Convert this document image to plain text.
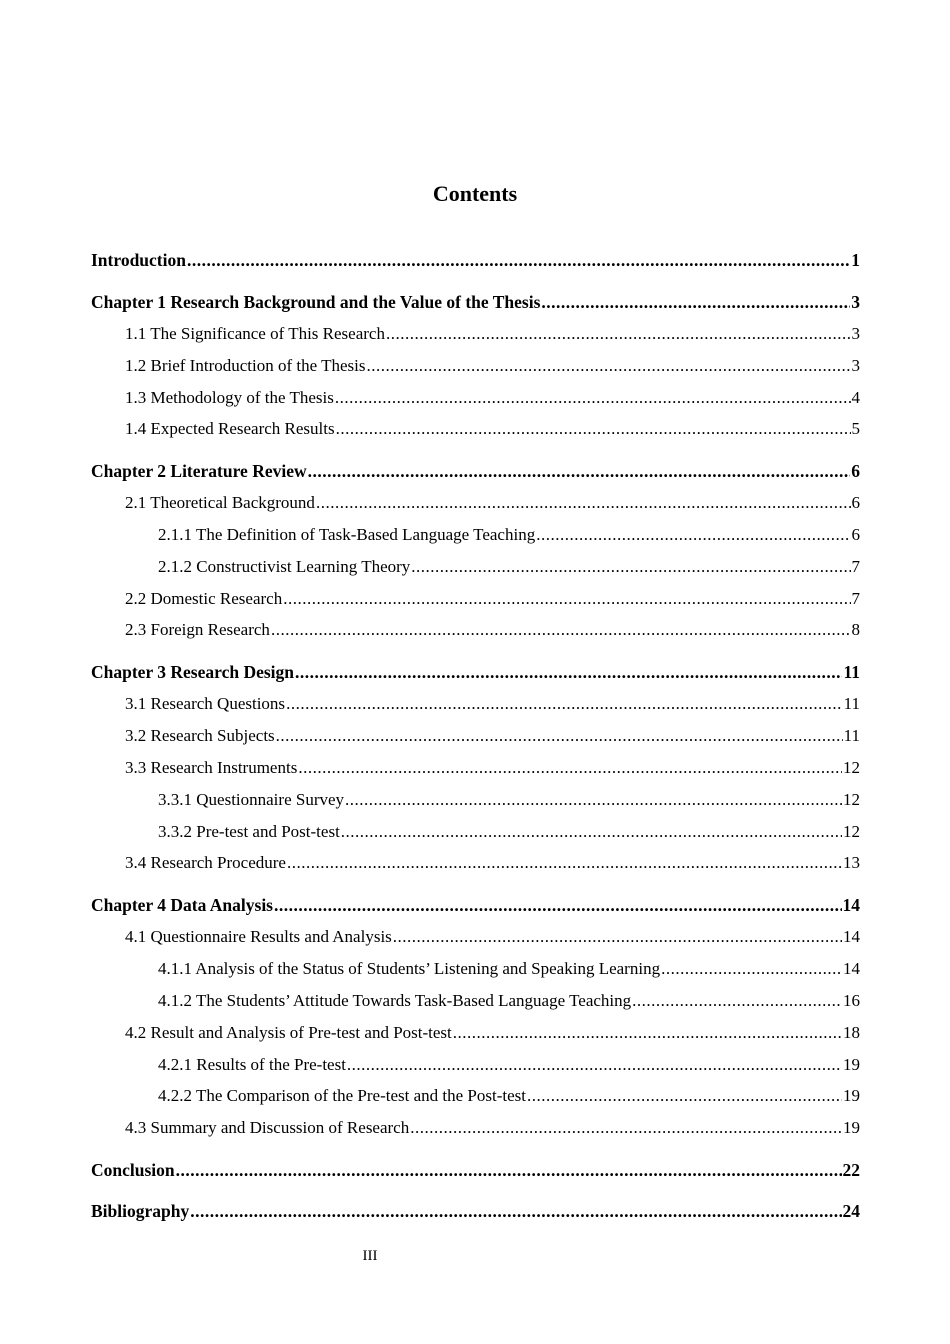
Contents
Introduction .....	1
Chapter 1 Research Background and the Value of the Thesis .....	3
1.1 The Significance of This Research .....	3
1.2 Brief Introduction of the Thesis .....	3
1.3 Methodology of the Thesis .....	4
1.4 Expected Research Results .....	5
Chapter 2 Literature Review .....	6
2.1 Theoretical Background .....	6
2.1.1 The Definition of Task-Based Language Teaching .....	6
2.1.2 Constructivist Learning Theory .....	7
2.2 Domestic Research .....	7
2.3 Foreign Research .....	8
Chapter 3 Research Design .....	11
3.1 Research Questions .....	11
3.2 Research Subjects .....	11
3.3 Research Instruments .....	12
3.3.1 Questionnaire Survey .....	12
3.3.2 Pre-test and Post-test .....	12
3.4 Research Procedure .....	13
Chapter 4 Data Analysis .....	14
4.1 Questionnaire Results and Analysis .....	14
4.1.1 Analysis of the Status of Students’ Listening and Speaking Learning .....	14
4.1.2 The Students’ Attitude Towards Task-Based Language Teaching .....	16
4.2 Result and Analysis of Pre-test and Post-test .....	18
4.2.1 Results of the Pre-test .....	19
4.2.2 The Comparison of the Pre-test and the Post-test .....	19
4.3 Summary and Discussion of Research .....	19
Conclusion .....	22
Bibliography .....	24
III
